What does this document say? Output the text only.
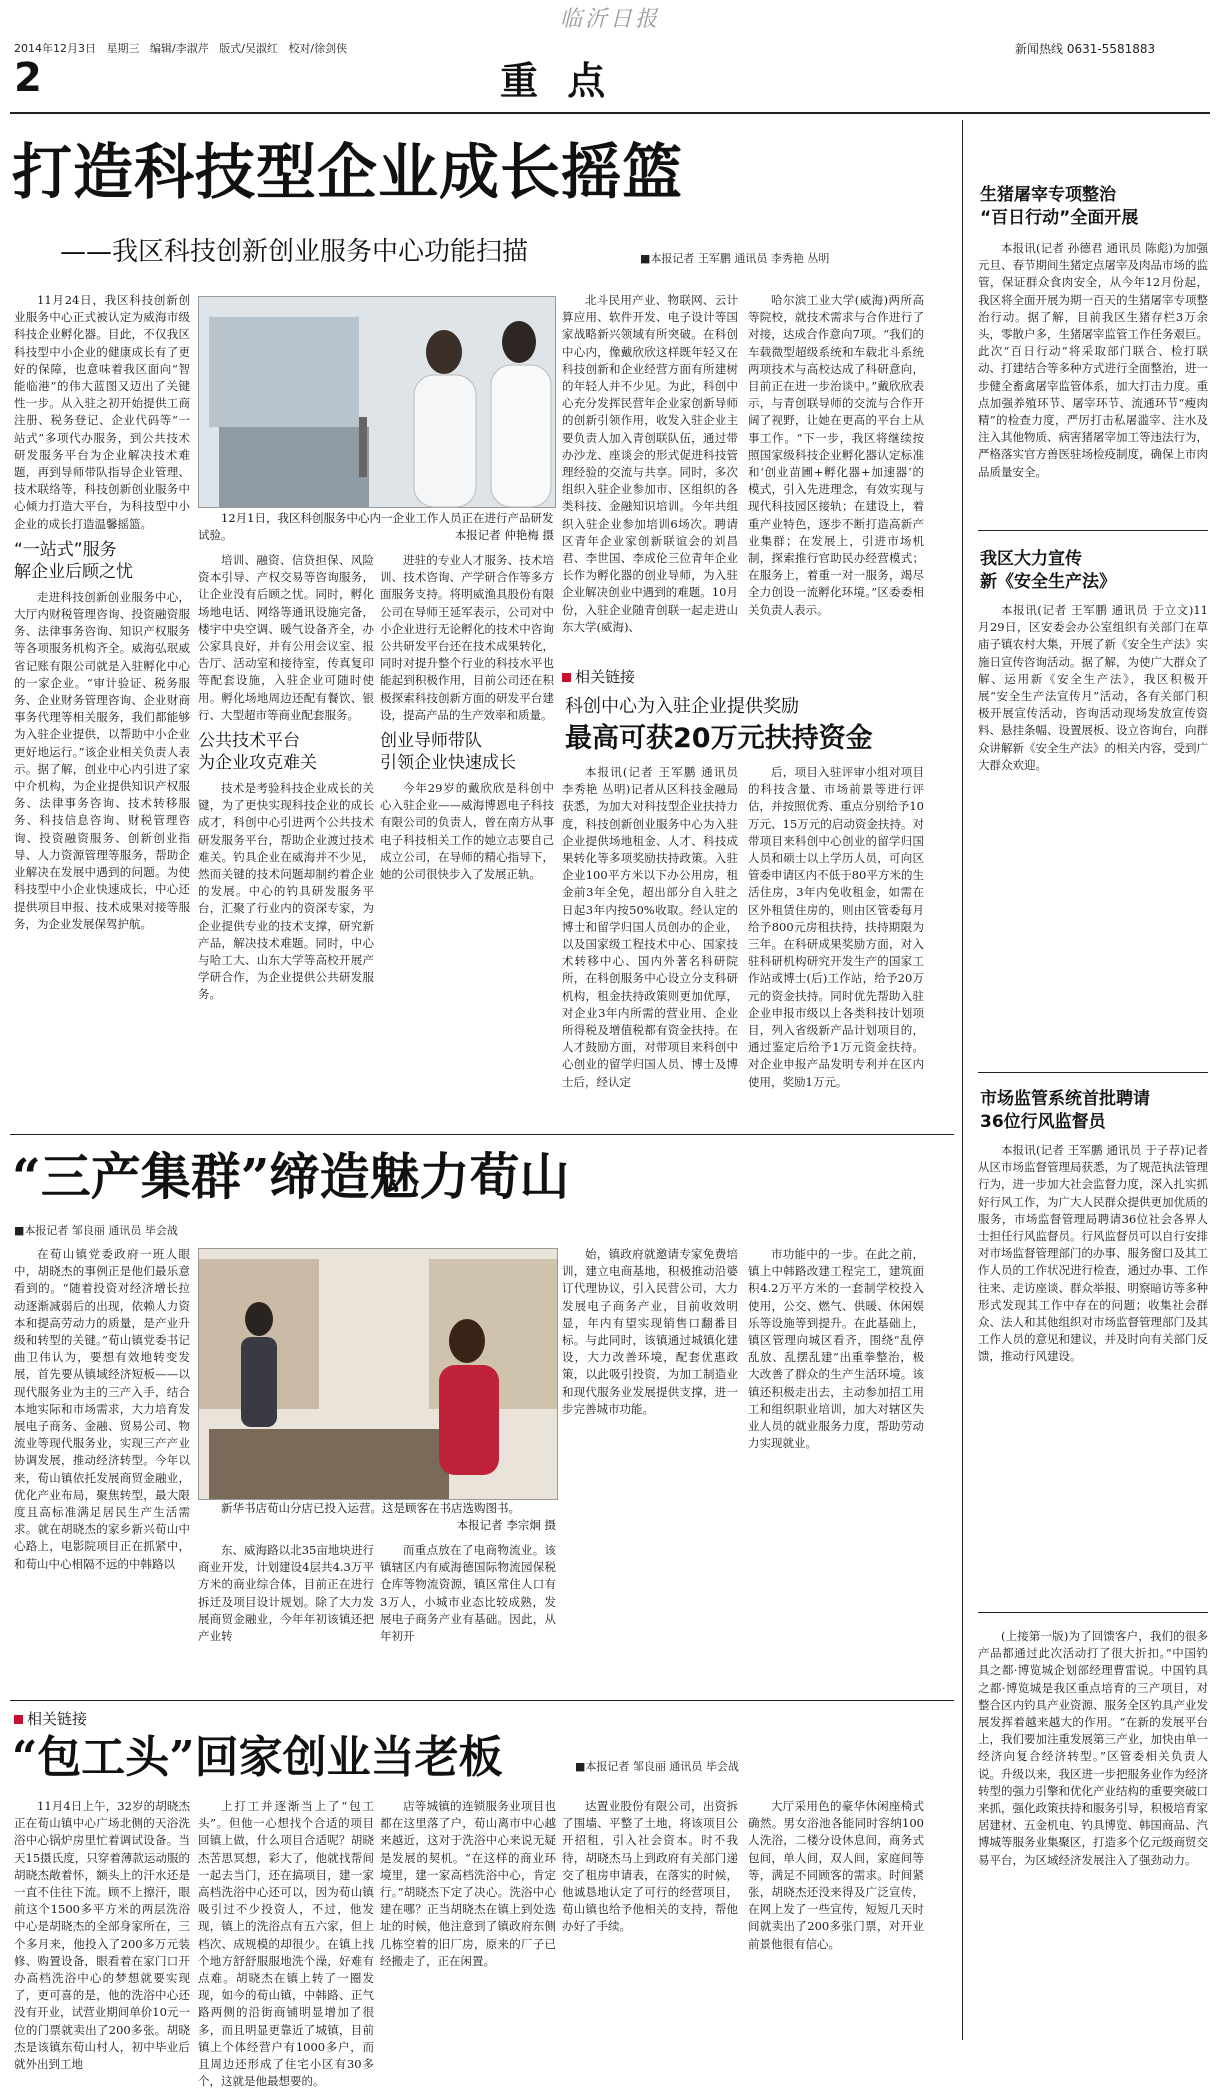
临沂日报
2014年12月3日 星期三 编辑/李淑芹 版式/吴淑红 校对/徐剑侠
2	重 点
新闻热线 0631-5581883
打造科技型企业成长摇篮
——我区科技创新创业服务中心功能扫描	■本报记者 王军鹏 通讯员 李秀艳 丛明

11月24日，我区科技创新创业服务中心正式被认定为威海市级科技企业孵化器。目此，不仅我区科技型中小企业的健康成长有了更好的保障，也意味着我区面向“智能临港”的伟大蓝图又迈出了关键性一步。从入驻之初开始提供工商注册、税务登记、企业代码等“一站式”多项代办服务，到公共技术研发服务平台为企业解决技术难题，再到导师带队指导企业管理、技术联络等，科技创新创业服务中心倾力打造大平台，为科技型中小企业的成长打造温馨摇篮。

“一站式”服务
解企业后顾之忧

走进科技创新创业服务中心，大厅内财税管理咨询、投资融资服务、法律事务咨询、知识产权服务等各项服务机构齐全。威海弘珉威省记账有限公司就是入驻孵化中心的一家企业。“审计验证、税务服务、企业财务管理咨询、企业财商事务代理等相关服务，我们都能够为入驻企业提供，以帮助中小企业更好地运行。”该企业相关负责人表示。据了解，创业中心内引进了家中介机构，为企业提供知识产权服务、法律事务咨询、技术转移服务、科技信息咨询、财税管理咨询、投资融资服务、创新创业指导、人力资源管理等服务，帮助企业解决在发展中遇到的问题。为使科技型中小企业快速成长，中心还提供项目申报、技术成果对接等服务，为企业发展保驾护航。

12月1日，我区科创服务中心内一企业工作人员正在进行产品研发试验。	本报记者 仲艳梅 摄

培训、融资、信贷担保、风险资本引导、产权交易等咨询服务，让企业没有后顾之忧。同时，孵化场地电话、网络等通讯设施完备，楼宇中央空调、暖气设备齐全，办公家具良好，并有公用会议室、报告厅、活动室和接待室，传真复印等配套设施，入驻企业可随时使用。孵化场地周边还配有餐饮、银行、大型超市等商业配套服务。

公共技术平台
为企业攻克难关

技术是考验科技企业成长的关键，为了更快实现科技企业的成长成才，科创中心引进两个公共技术研发服务平台，帮助企业渡过技术难关。钓具企业在威海并不少见，然而关键的技术问题却制约着企业的发展。中心的钓具研发服务平台，汇聚了行业内的资深专家，为企业提供专业的技术支撑，研究新产品，解决技术难题。同时，中心与哈工大、山东大学等高校开展产学研合作，为企业提供公共研发服务。

进驻的专业人才服务、技术培训、技术咨询、产学研合作等多方面服务支持。将明威渔具股份有限公司在导师王延军表示，公司对中小企业进行无论孵化的技术中咨询公共研发平台还在技术成果转化，同时对提升整个行业的科技水平也能起到积极作用，目前公司还在积极探索科技创新方面的研发平台建设，提高产品的生产效率和质量。

创业导师带队
引领企业快速成长

今年29岁的戴欣欣是科创中心入驻企业——威海博恩电子科技有限公司的负责人，曾在南方从事电子科技相关工作的她立志要自己成立公司，在导师的精心指导下，她的公司很快步入了发展正轨。

北斗民用产业、物联网、云计算应用、软件开发、电子设计等国家战略新兴领域有所突破。在科创中心内，像戴欣欣这样既年轻又在科技创新和企业经营方面有所建树的年轻人并不少见。为此，科创中心充分发挥民营年企业家创新导师的创新引领作用，收发入驻企业主要负责人加入青创联队伍，通过带办沙龙、座谈会的形式促进科技管理经验的交流与共享。同时，多次组织入驻企业参加市、区组织的各类科技、金融知识培训。今年共组织入驻企业参加培训6场次。聘请区青年企业家创新联谊会的刘昌君、李世国、李成伦三位青年企业长作为孵化器的创业导师，为入驻企业解决创业中遇到的难题。10月份，入驻企业随青创联一起走进山东大学(威海)、

哈尔滨工业大学(威海)两所高等院校，就技术需求与合作进行了对接，达成合作意向7项。“我们的车载微型超级系统和车载北斗系统两项技术与高校达成了科研意向，目前正在进一步治谈中。”戴欣欣表示，与青创联导师的交流与合作开阔了视野，让她在更高的平台上从事工作。“下一步，我区将继续按照国家级科技企业孵化器认定标准和‘创业苗圃+孵化器+加速器’的模式，引入先进理念，有效实现与现代科技园区接轨；在建设上，着重产业特色，逐步不断打造高新产业集群；在发展上，引进市场机制，探索推行官助民办经营模式；在服务上，着重一对一服务，竭尽全力创设一流孵化环境。”区委委相关负责人表示。

相关链接
科创中心为入驻企业提供奖励
最高可获20万元扶持资金

本报讯(记者 王军鹏 通讯员 李秀艳 丛明)记者从区科技金融局获悉，为加大对科技型企业扶持力度，科技创新创业服务中心为入驻企业提供场地租金、人才、科技成果转化等多项奖励扶持政策。入驻企业100平方米以下办公用房，租金前3年全免，超出部分自入驻之日起3年内按50%收取。经认定的博士和留学归国人员创办的企业，以及国家级工程技术中心、国家技术转移中心、国内外著名科研院所，在科创服务中心设立分支科研机构，租金扶持政策则更加优厚，对企业3年内所需的营业用、企业所得税及增值税都有资金扶持。在人才鼓励方面，对带项目来科创中心创业的留学归国人员、博士及博士后，经认定

后，项目入驻评审小组对项目的科技含量、市场前景等进行评估，并按照优秀、重点分别给予10万元、15万元的启动资金扶持。对带项目来科创中心创业的留学归国人员和硕士以上学历人员，可向区管委申请区内不低于80平方米的生活住房，3年内免收租金，如需在区外租赁住房的，则由区管委每月给予800元房租扶持，扶持期限为三年。在科研成果奖励方面，对入驻科研机构研究开发生产的国家工作站或博士(后)工作站，给予20万元的资金扶持。同时优先帮助入驻企业申报市级以上各类科技计划项目，列入省级新产品计划项目的，通过鉴定后给予1万元资金扶持。对企业申报产品发明专利并在区内使用，奖励1万元。

生猪屠宰专项整治
“百日行动”全面开展

本报讯(记者 孙德君 通讯员 陈彪)为加强元旦、春节期间生猪定点屠宰及肉品市场的监管，保证群众食肉安全，从今年12月份起，我区将全面开展为期一百天的生猪屠宰专项整治行动。据了解，目前我区生猪存栏3万余头，零散户多，生猪屠宰监管工作任务艰巨。此次“百日行动”将采取部门联合、检打联动、打建结合等多种方式进行全面整治，进一步健全畜禽屠宰监管体系，加大打击力度。重点加强养殖环节、屠宰环节、流通环节“瘦肉精”的检查力度，严厉打击私屠滥宰、注水及注入其他物质、病害猪屠宰加工等违法行为，严格落实官方兽医驻场检疫制度，确保上市肉品质量安全。

我区大力宣传
新《安全生产法》

本报讯(记者 王军鹏 通讯员 于立文)11月29日，区安委会办公室组织有关部门在草庙子镇农村大集，开展了新《安全生产法》实施日宣传咨询活动。据了解，为使广大群众了解、运用新《安全生产法》，我区积极开展“安全生产法宣传月”活动，各有关部门积极开展宣传活动，咨询活动现场发放宣传资料、悬挂条幅、设置展板、设立咨询台，向群众讲解新《安全生产法》的相关内容，受到广大群众欢迎。

市场监管系统首批聘请
36位行风监督员

本报讯(记者 王军鹏 通讯员 于子荐)记者从区市场监督管理局获悉，为了规范执法管理行为，进一步加大社会监督力度，深入扎实抓好行风工作，为广大人民群众提供更加优质的服务，市场监督管理局聘请36位社会各界人士担任行风监督员。行风监督员可以自行安排对市场监督管理部门的办事、服务窗口及其工作人员的工作状况进行检查，通过办事、工作往来、走访座谈、群众举报、明察暗访等多种形式发现其工作中存在的问题；收集社会群众、法人和其他组织对市场监督管理部门及其工作人员的意见和建议，并及时向有关部门反馈，推动行风建设。

(上接第一版)为了回馈客户，我们的很多产品都通过此次活动打了很大折扣。”中国钓具之都·博览城企划部经理曹雷说。中国钓具之都·博览城是我区重点培育的三产项目，对整合区内钓具产业资源、服务全区钓具产业发展发挥着越来越大的作用。“在新的发展平台上，我们要加注重发展第三产业，加快由单一经济向复合经济转型。”区管委相关负责人说。升级以来，我区进一步把服务业作为经济转型的强力引擎和优化产业结构的重要突破口来抓，强化政策扶持和服务引导，积极培育家居建材、五金机电、钓具博览、韩国商品、汽博城等服务业集聚区，打造多个亿元级商贸交易平台，为区域经济发展注入了强劲动力。

“三产集群”缔造魅力荀山
■本报记者 邹良丽 通讯员 毕会战

在荀山镇党委政府一班人眼中，胡晓杰的事例正是他们最乐意看到的。“随着投资对经济增长拉动逐渐减弱后的出现，依赖人力资本和提高劳动力的质量，是产业升级和转型的关键。”荀山镇党委书记曲卫伟认为，要想有效地转变发展，首先要从镇域经济短板——以现代服务业为主的三产入手，结合本地实际和市场需求，大力培育发展电子商务、金融、贸易公司、物流业等现代服务业，实现三产产业协调发展，推动经济转型。今年以来，荀山镇依托发展商贸金融业，优化产业布局，聚焦转型，最大限度且高标准满足居民生产生活需求。就在胡晓杰的家乡新兴荀山中心路上，电影院项目正在抓紧中，和荀山中心相隔不远的中韩路以

新华书店荀山分店已投入运营。这是顾客在书店选购图书。
本报记者 李宗炯 摄

东、威海路以北35亩地块进行商业开发，计划建设4层共4.3万平方米的商业综合体，目前正在进行拆迁及项目设计规划。除了大力发展商贸金融业，今年年初该镇还把产业转

而重点放在了电商物流业。该镇辖区内有威海德国际物流园保税仓库等物流资源，镇区常住人口有3万人，小城市业态比较成熟，发展电子商务产业有基础。因此，从年初开

始，镇政府就邀请专家免费培训，建立电商基地，积极推动沿婆订代理协议，引入民营公司，大力发展电子商务产业，目前收效明显，年内有望实现销售口翻番目标。与此同时，该镇通过城镇化建设，大力改善环境，配套优惠政策，以此吸引投资，为加工制造业和现代服务业发展提供支撑，进一步完善城市功能。

市功能中的一步。在此之前，镇上中韩路改建工程完工，建筑面积4.2万平方米的一套制学校投入使用，公交、燃气、供暖、休闲娱乐等设施等到提升。在此基础上，镇区管理向城区看齐，围绕“乱停乱放、乱摆乱建”出重拳整治，极大改善了群众的生产生活环境。该镇还积极走出去，主动参加招工用工和组织职业培训，加大对辖区失业人员的就业服务力度，帮助劳动力实现就业。

相关链接
“包工头”回家创业当老板	■本报记者 邹良丽 通讯员 毕会战

11月4日上午，32岁的胡晓杰正在荀山镇中心广场北侧的天浴洗浴中心锅炉房里忙着调试设备。当天15摄氏度，只穿着薄款运动服的胡晓杰敞着怀，额头上的汗水还是一直不住往下流。顾不上擦汗，眼前这个1500多平方米的两层洗浴中心是胡晓杰的全部身家所在，三个多月来，他投入了200多万元装修、购置设备，眼看着在家门口开办高档洗浴中心的梦想就要实现了，更可喜的是，他的洗浴中心还没有开业，试营业期间单价10元一位的门票就卖出了200多张。胡晓杰是该镇东荀山村人，初中毕业后就外出到工地

上打工并逐渐当上了“包工头”。但他一心想找个合适的项目回镇上做，什么项目合适呢？胡晓杰苦思冥想，彩大了，他就找帮间一起去当门，还在搞项目，建一家高档洗浴中心还可以，因为荀山镇吸引过不少投资人，不过，他发现，镇上的洗浴点有五六家，但上档次、成规模的却很少。在镇上找个地方舒舒服服地洗个澡，好难有点难。胡晓杰在镇上转了一圈发现，如今的荀山镇，中韩路、正气路两侧的沿街商铺明显增加了很多，而且明显更靠近了城镇，目前镇上个体经营户有1000多户，而且周边还形成了住宅小区有30多个，这就是他最想要的。

店等城镇的连锁服务业项目也都在这里落了户，荀山离市中心越来越近，这对于洗浴中心来说无疑是发展的契机。“在这样的商业环境里，建一家高档洗浴中心，肯定行。”胡晓杰下定了决心。洗浴中心建在哪？正当胡晓杰在镇上到处选址的时候，他注意到了镇政府东侧几栋空着的旧厂房，原来的厂子已经搬走了，正在闲置。

达置业股份有限公司，出资拆了围墙、平整了土地，将该项目公开招租，引入社会资本。时不我待，胡晓杰马上到政府有关部门递交了租房申请表，在落实的时候，他诚恳地认定了可行的经营项目，荀山镇也给予他相关的支持，帮他办好了手续。

大厅采用色的豪华休闲座椅式确然。男女浴池各能同时容纳100人洗浴，二楼分设休息间，商务式包间，单人间，双人间，家庭间等等，满足不同顾客的需求。时间紧张，胡晓杰还没来得及广泛宣传，在网上发了一些宣传，短短几天时间就卖出了200多张门票，对开业前景他很有信心。
